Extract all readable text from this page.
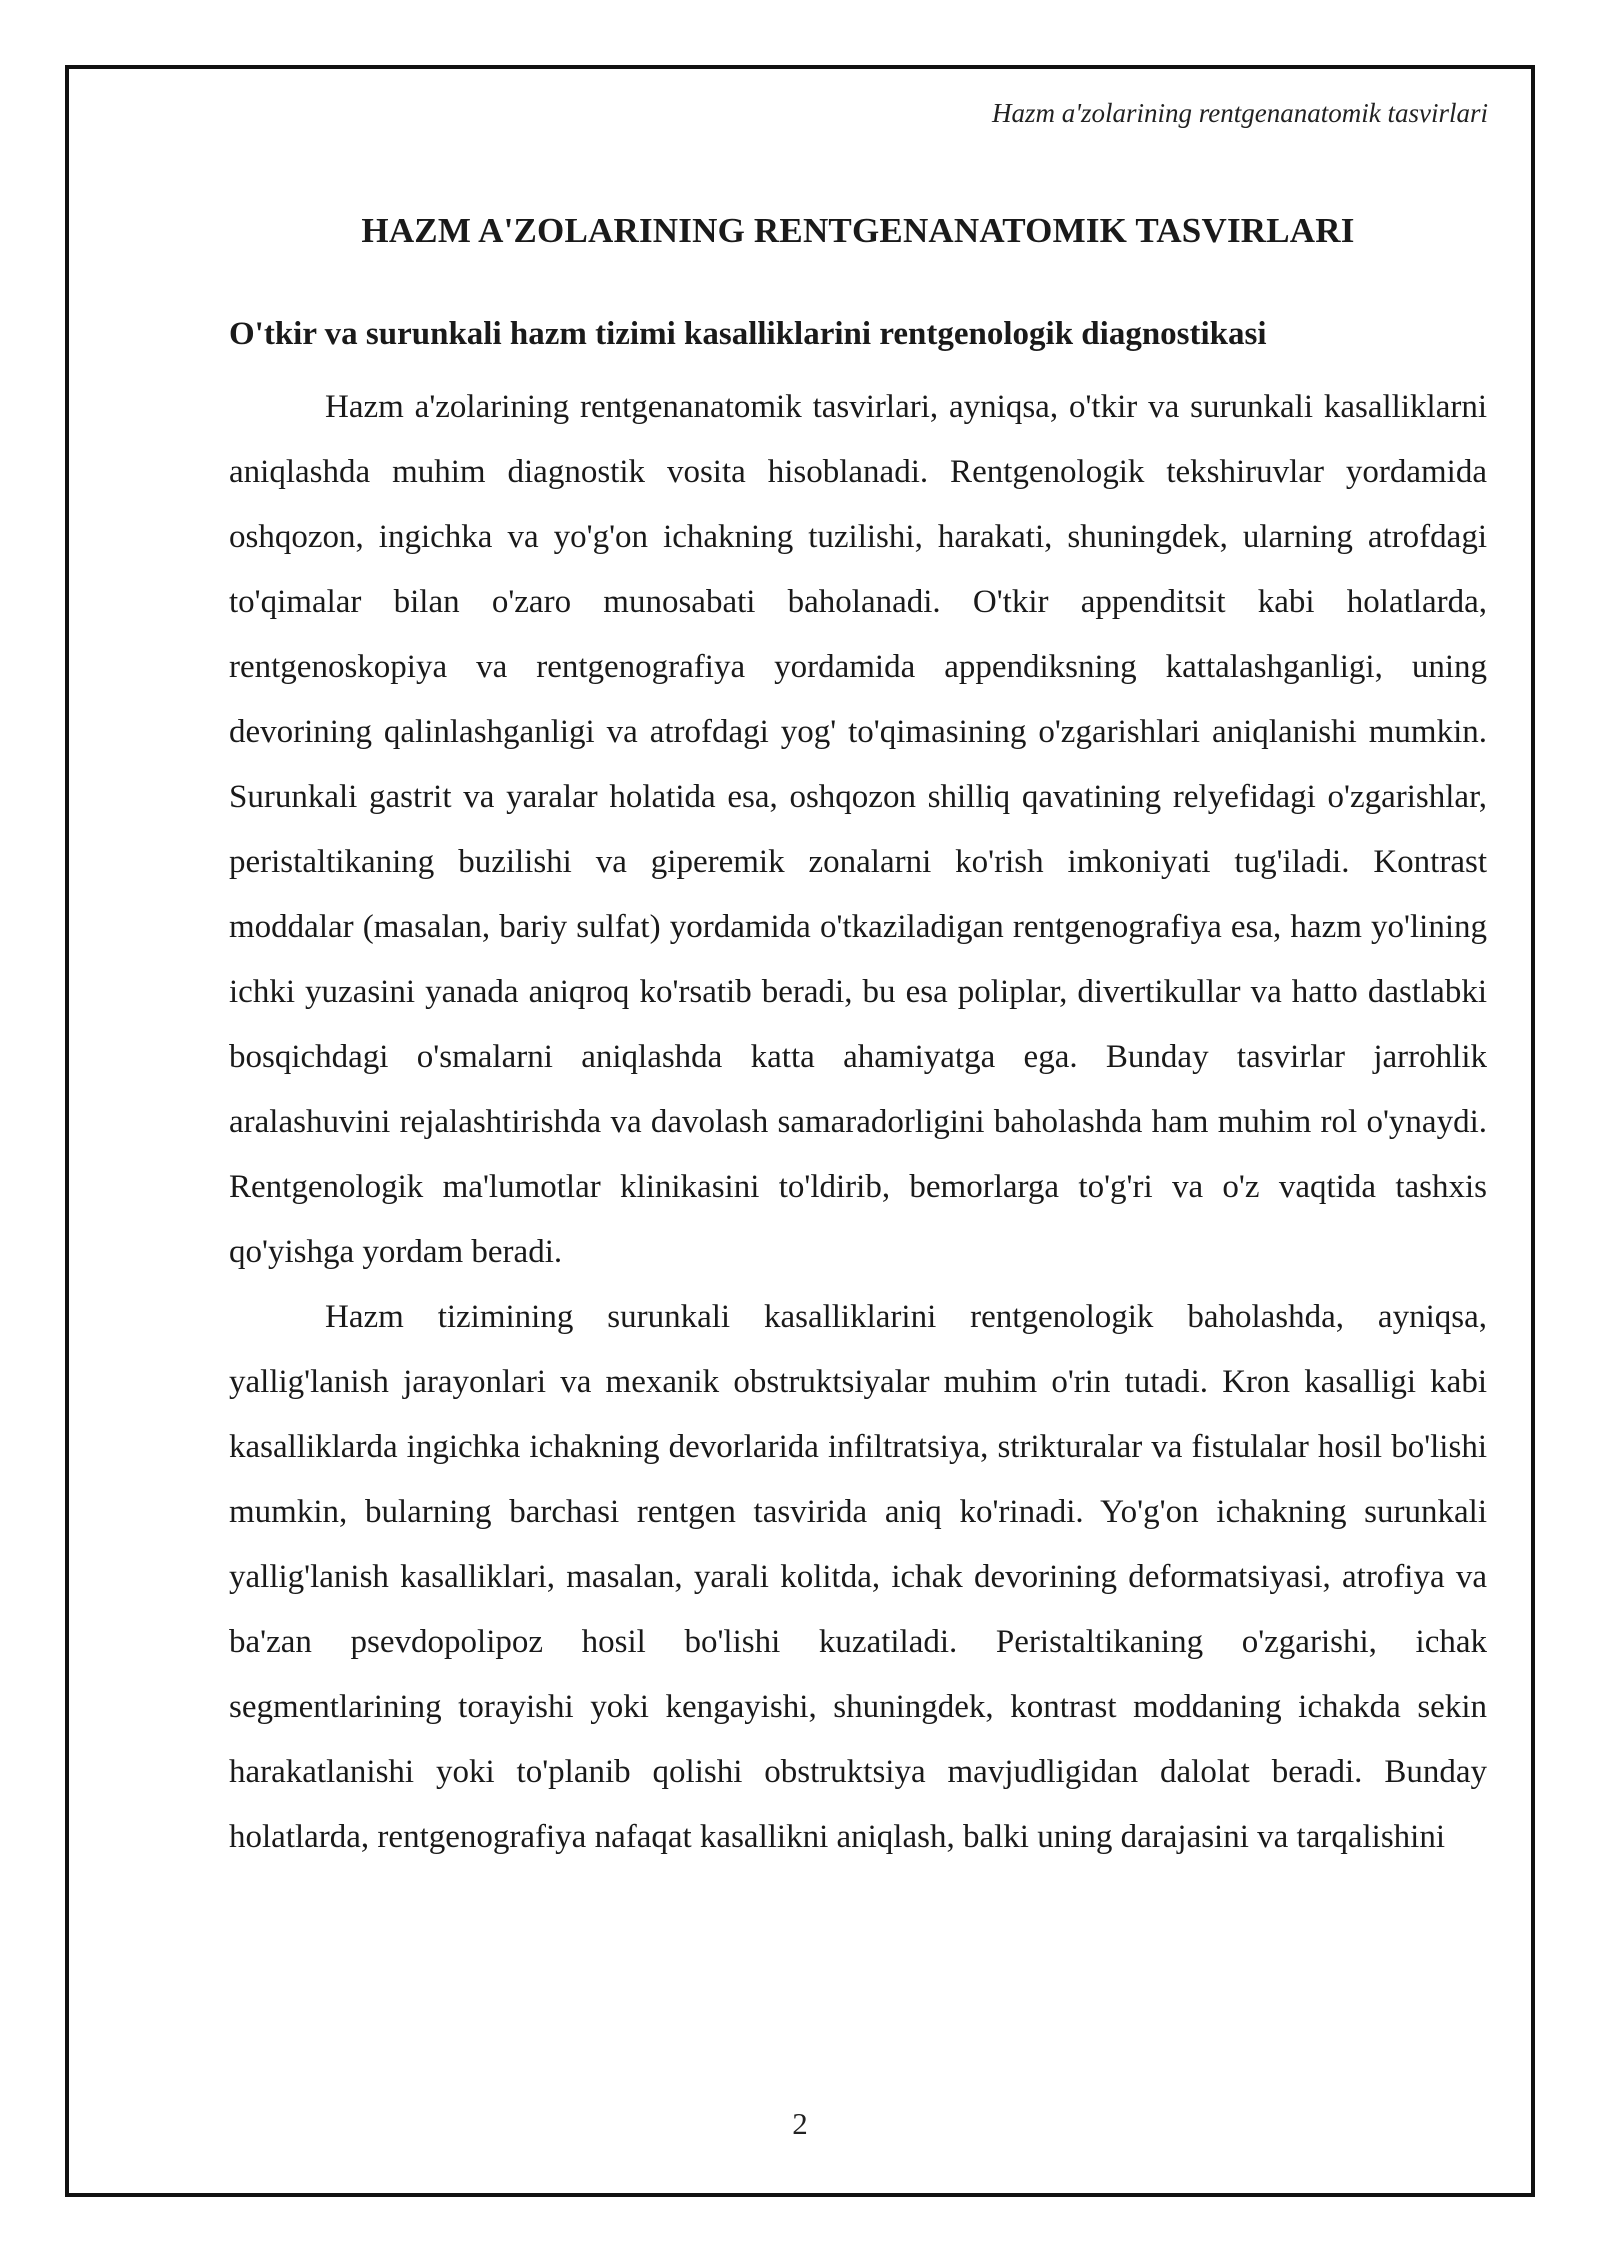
Hazm a'zolarining rentgenanatomik tasvirlari
HAZM A'ZOLARINING RENTGENANATOMIK TASVIRLARI
O'tkir va surunkali hazm tizimi kasalliklarini rentgenologik diagnostikasi

Hazm a'zolarining rentgenanatomik tasvirlari, ayniqsa, o'tkir va surunkali kasalliklarni aniqlashda muhim diagnostik vosita hisoblanadi. Rentgenologik tekshiruvlar yordamida oshqozon, ingichka va yo'g'on ichakning tuzilishi, harakati, shuningdek, ularning atrofdagi to'qimalar bilan o'zaro munosabati baholanadi. O'tkir appenditsit kabi holatlarda, rentgenoskopiya va rentgenografiya yordamida appendiksning kattalashganligi, uning devorining qalinlashganligi va atrofdagi yog' to'qimasining o'zgarishlari aniqlanishi mumkin. Surunkali gastrit va yaralar holatida esa, oshqozon shilliq qavatining relyefidagi o'zgarishlar, peristaltikaning buzilishi va giperemik zonalarni ko'rish imkoniyati tug'iladi. Kontrast moddalar (masalan, bariy sulfat) yordamida o'tkaziladigan rentgenografiya esa, hazm yo'lining ichki yuzasini yanada aniqroq ko'rsatib beradi, bu esa poliplar, divertikullar va hatto dastlabki bosqichdagi o'smalarni aniqlashda katta ahamiyatga ega. Bunday tasvirlar jarrohlik aralashuvini rejalashtirishda va davolash samaradorligini baholashda ham muhim rol o'ynaydi. Rentgenologik ma'lumotlar klinikasini to'ldirib, bemorlarga to'g'ri va o'z vaqtida tashxis qo'yishga yordam beradi.

Hazm tizimining surunkali kasalliklarini rentgenologik baholashda, ayniqsa, yallig'lanish jarayonlari va mexanik obstruktsiyalar muhim o'rin tutadi. Kron kasalligi kabi kasalliklarda ingichka ichakning devorlarida infiltratsiya, strikturalar va fistulalar hosil bo'lishi mumkin, bularning barchasi rentgen tasvirida aniq ko'rinadi. Yo'g'on ichakning surunkali yallig'lanish kasalliklari, masalan, yarali kolitda, ichak devorining deformatsiyasi, atrofiya va ba'zan psevdopolipoz hosil bo'lishi kuzatiladi. Peristaltikaning o'zgarishi, ichak segmentlarining torayishi yoki kengayishi, shuningdek, kontrast moddaning ichakda sekin harakatlanishi yoki to'planib qolishi obstruktsiya mavjudligidan dalolat beradi. Bunday holatlarda, rentgenografiya nafaqat kasallikni aniqlash, balki uning darajasini va tarqalishini

2
